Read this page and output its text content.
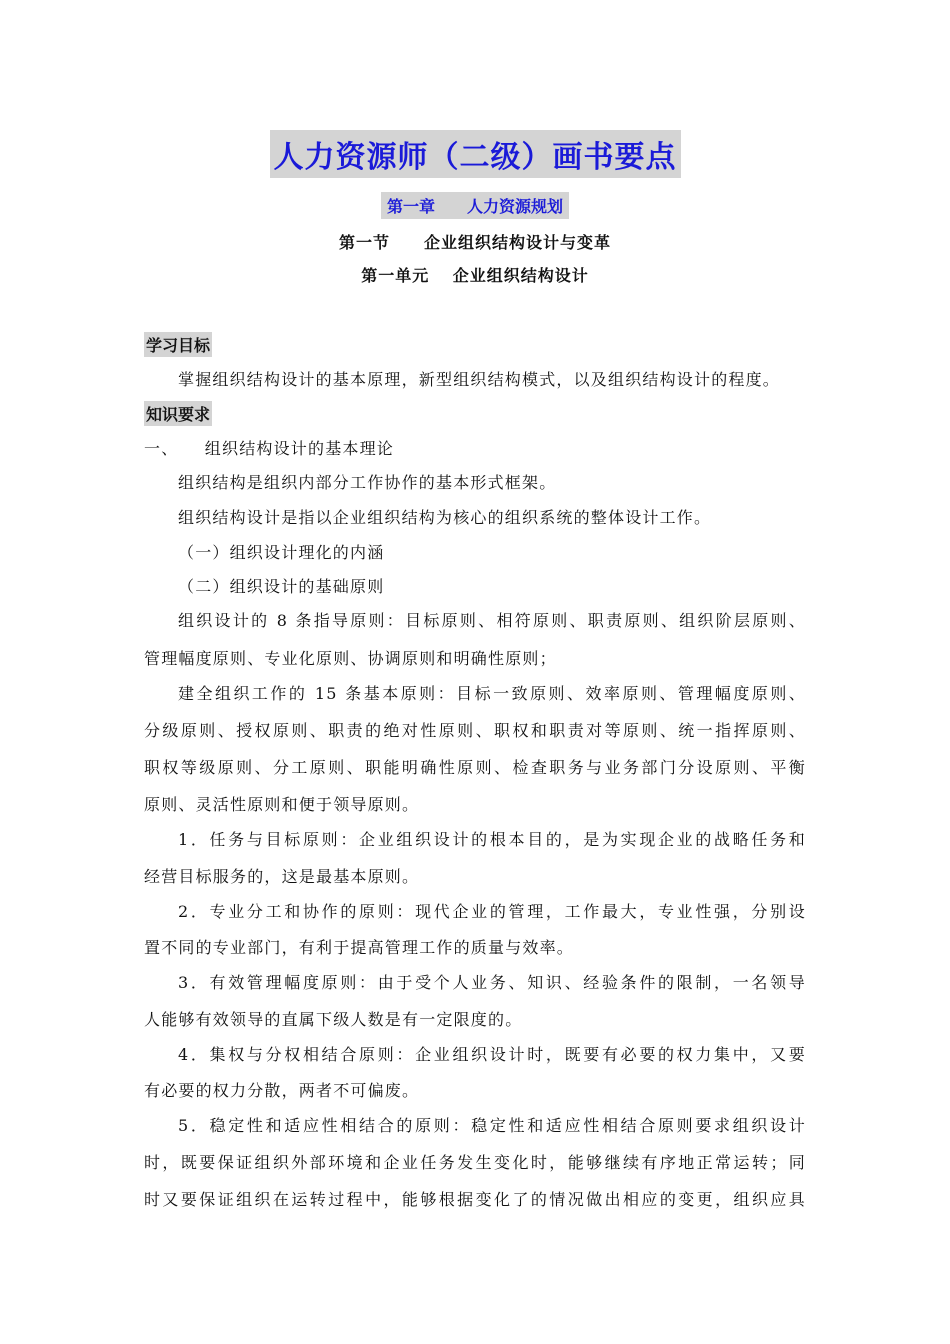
人力资源师（二级）画书要点
第一章　　人力资源规划
第一节　　企业组织结构设计与变革
第一单元　 企业组织结构设计
学习目标
掌握组织结构设计的基本原理，新型组织结构模式，以及组织结构设计的程度。
知识要求
一、　　组织结构设计的基本理论
组织结构是组织内部分工作协作的基本形式框架。
组织结构设计是指以企业组织结构为核心的组织系统的整体设计工作。
（一）组织设计理化的内涵
（二）组织设计的基础原则
组织设计的 8 条指导原则：目标原则、相符原则、职责原则、组织阶层原则、
管理幅度原则、专业化原则、协调原则和明确性原则；
建全组织工作的 15 条基本原则：目标一致原则、效率原则、管理幅度原则、
分级原则、授权原则、职责的绝对性原则、职权和职责对等原则、统一指挥原则、
职权等级原则、分工原则、职能明确性原则、检查职务与业务部门分设原则、平衡
原则、灵活性原则和便于领导原则。
1．任务与目标原则：企业组织设计的根本目的，是为实现企业的战略任务和
经营目标服务的，这是最基本原则。
2．专业分工和协作的原则：现代企业的管理，工作最大，专业性强，分别设
置不同的专业部门，有利于提高管理工作的质量与效率。
3．有效管理幅度原则：由于受个人业务、知识、经验条件的限制，一名领导
人能够有效领导的直属下级人数是有一定限度的。
4．集权与分权相结合原则：企业组织设计时，既要有必要的权力集中，又要
有必要的权力分散，两者不可偏废。
5．稳定性和适应性相结合的原则：稳定性和适应性相结合原则要求组织设计
时，既要保证组织外部环境和企业任务发生变化时，能够继续有序地正常运转；同
时又要保证组织在运转过程中，能够根据变化了的情况做出相应的变更，组织应具
